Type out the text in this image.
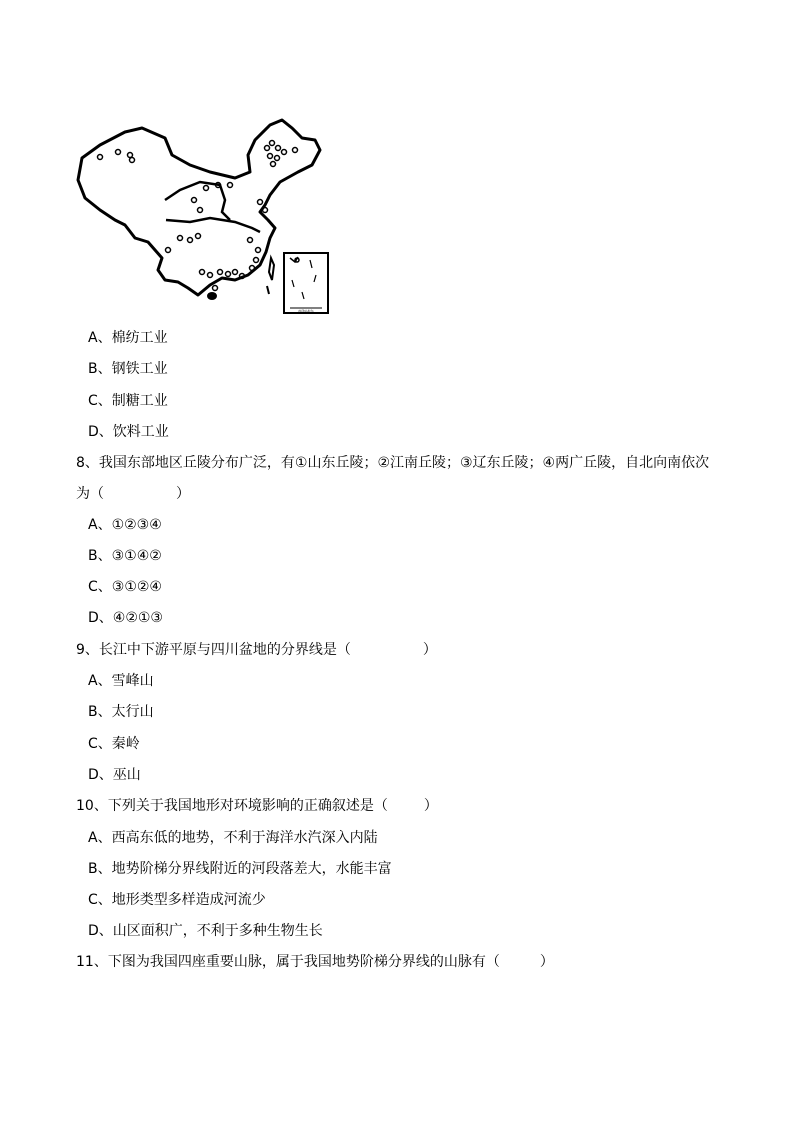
南海诸岛
A、棉纺工业
B、钢铁工业
C、制糖工业
D、饮料工业
8、我国东部地区丘陵分布广泛，有①山东丘陵；②江南丘陵；③辽东丘陵；④两广丘陵，自北向南依次
为（	）
A、①②③④
B、③①④②
C、③①②④
D、④②①③
9、长江中下游平原与四川盆地的分界线是（	）
A、雪峰山
B、太行山
C、秦岭
D、巫山
10、下列关于我国地形对环境影响的正确叙述是（	）
A、西高东低的地势，不利于海洋水汽深入内陆
B、地势阶梯分界线附近的河段落差大，水能丰富
C、地形类型多样造成河流少
D、山区面积广，不利于多种生物生长
11、下图为我国四座重要山脉，属于我国地势阶梯分界线的山脉有（	）
